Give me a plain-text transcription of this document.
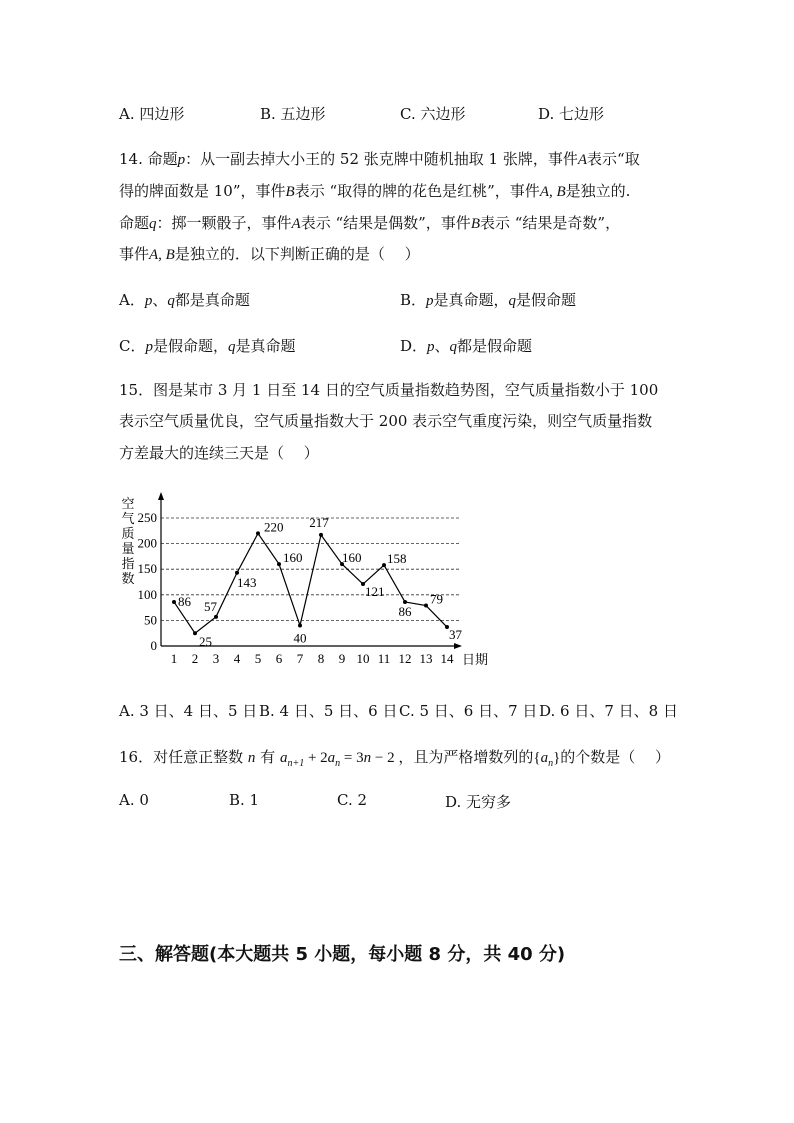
A. 四边形	B. 五边形	C. 六边形	D. 七边形
14. 命题p：从一副去掉大小王的 52 张克牌中随机抽取 1 张牌，事件A表示“取
得的牌面数是 10”，事件B表示 “取得的牌的花色是红桃”，事件A, B是独立的.
命题q：掷一颗骰子，事件A表示 “结果是偶数”，事件B表示 “结果是奇数”，
事件A, B是独立的．以下判断正确的是（　 ）
A．p、q都是真命题	B．p是真命题，q是假命题
C．p是假命题，q是真命题	D．p、q都是假命题
15．图是某市 3 月 1 日至 14 日的空气质量指数趋势图，空气质量指数小于 100
表示空气质量优良，空气质量指数大于 200 表示空气重度污染，则空气质量指数
方差最大的连续三天是（　 ）
空
气
质
量
指
数
0
50
100
150
200
250
1 2 3 4 5 6 7 8 9 10 11 12 13 14 日期
86
25
57
143
220
160
40
217
160
121
158
86
79
37
A. 3 日、4 日、5 日 B. 4 日、5 日、6 日 C. 5 日、6 日、7 日 D. 6 日、7 日、8 日
16．对任意正整数 n 有 $a_{n+1} + 2a_n = 3n - 2$ ，且为严格增数列的$\{a_n\}$的个数是（　 ）
A. 0	B. 1	C. 2	D. 无穷多
三、解答题(本大题共 5 小题，每小题 8 分，共 40 分)
